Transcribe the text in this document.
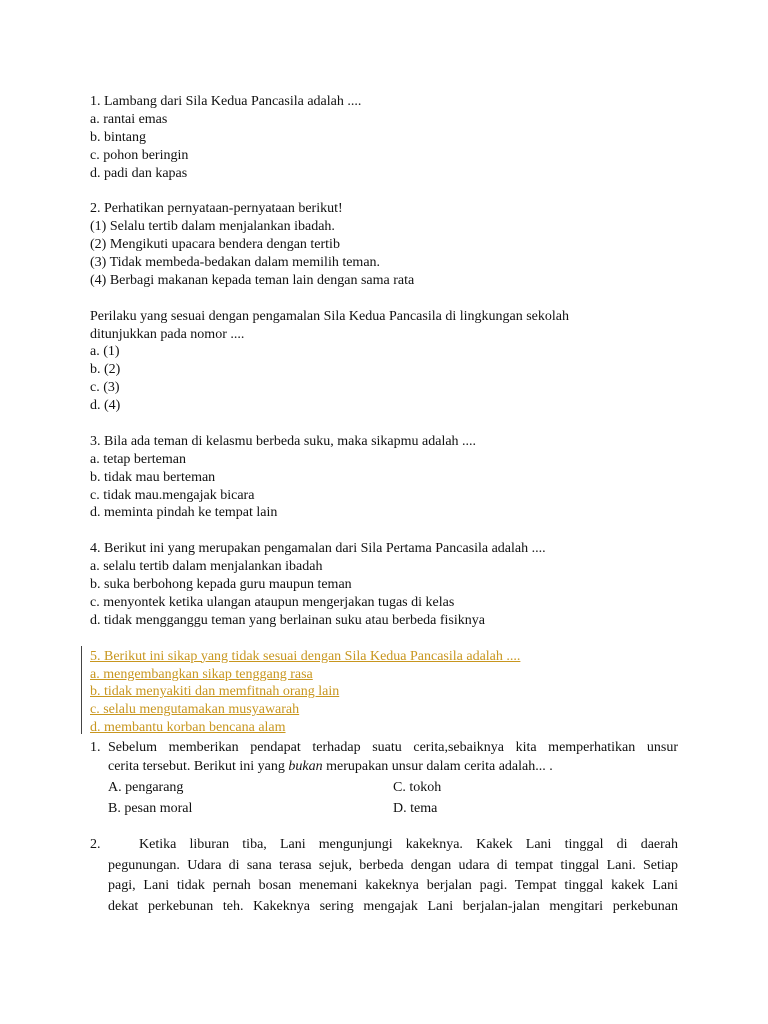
1. Lambang dari Sila Kedua Pancasila adalah ....
a. rantai emas
b. bintang
c. pohon beringin
d. padi dan kapas
2. Perhatikan pernyataan-pernyataan berikut!
(1) Selalu tertib dalam menjalankan ibadah.
(2) Mengikuti upacara bendera dengan tertib
(3) Tidak membeda-bedakan dalam memilih teman.
(4) Berbagi makanan kepada teman lain dengan sama rata
Perilaku yang sesuai dengan pengamalan Sila Kedua Pancasila di lingkungan sekolah
ditunjukkan pada nomor ....
a. (1)
b. (2)
c. (3)
d. (4)
3. Bila ada teman di kelasmu berbeda suku, maka sikapmu adalah ....
a. tetap berteman
b. tidak mau berteman
c. tidak mau.mengajak bicara
d. meminta pindah ke tempat lain
4. Berikut ini yang merupakan pengamalan dari Sila Pertama Pancasila adalah ....
a. selalu tertib dalam menjalankan ibadah
b. suka berbohong kepada guru maupun teman
c. menyontek ketika ulangan ataupun mengerjakan tugas di kelas
d. tidak mengganggu teman yang berlainan suku atau berbeda fisiknya
5. Berikut ini sikap yang tidak sesuai dengan Sila Kedua Pancasila adalah ....
a. mengembangkan sikap tenggang rasa
b. tidak menyakiti dan memfitnah orang lain
c. selalu mengutamakan musyawarah
d. membantu korban bencana alam
1. Sebelum memberikan pendapat terhadap suatu cerita,sebaiknya kita memperhatikan unsur
cerita tersebut. Berikut ini yang bukan merupakan unsur dalam cerita adalah... .
A. pengarang
B. pesan moral
C. tokoh
D. tema
2.	Ketika liburan tiba, Lani mengunjungi kakeknya. Kakek Lani tinggal di daerah
pegunungan. Udara di sana terasa sejuk, berbeda dengan udara di tempat tinggal Lani. Setiap
pagi, Lani tidak pernah bosan menemani kakeknya berjalan pagi. Tempat tinggal kakek Lani
dekat perkebunan teh. Kakeknya sering mengajak Lani berjalan-jalan mengitari perkebunan
